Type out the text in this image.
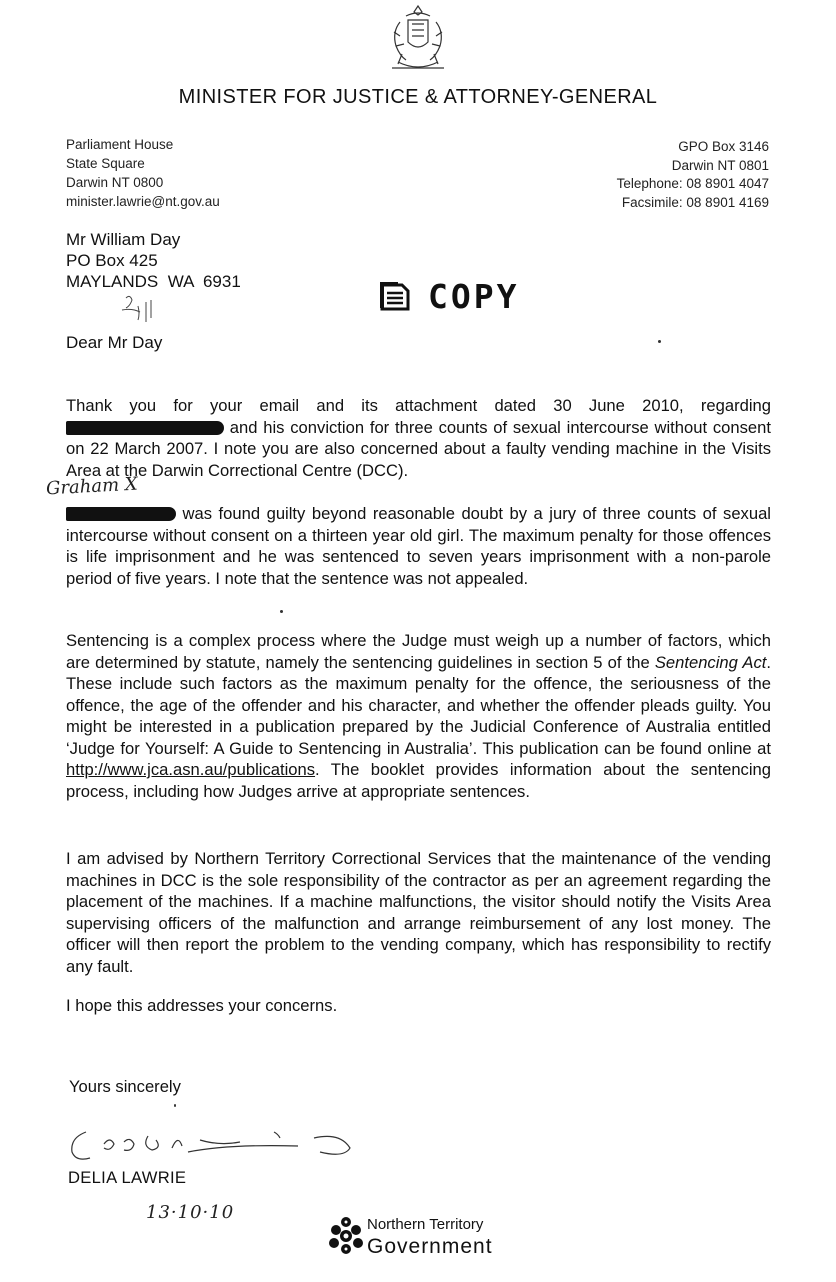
MINISTER FOR JUSTICE & ATTORNEY-GENERAL
Parliament House
State Square
Darwin NT 0800
minister.lawrie@nt.gov.au
GPO Box 3146
Darwin NT 0801
Telephone: 08 8901 4047
Facsimile: 08 8901 4169
Mr William Day
PO Box 425
MAYLANDS  WA  6931	COPY
Dear Mr Day
Thank you for your email and its attachment dated 30 June 2010, regarding  and his conviction for three counts of sexual intercourse without consent on 22 March 2007. I note you are also concerned about a faulty vending machine in the Visits Area at the Darwin Correctional Centre (DCC).
Graham X
was found guilty beyond reasonable doubt by a jury of three counts of sexual intercourse without consent on a thirteen year old girl. The maximum penalty for those offences is life imprisonment and he was sentenced to seven years imprisonment with a non-parole period of five years. I note that the sentence was not appealed.
Sentencing is a complex process where the Judge must weigh up a number of factors, which are determined by statute, namely the sentencing guidelines in section 5 of the Sentencing Act. These include such factors as the maximum penalty for the offence, the seriousness of the offence, the age of the offender and his character, and whether the offender pleads guilty. You might be interested in a publication prepared by the Judicial Conference of Australia entitled ‘Judge for Yourself: A Guide to Sentencing in Australia’. This publication can be found online at http://www.jca.asn.au/publications. The booklet provides information about the sentencing process, including how Judges arrive at appropriate sentences.
I am advised by Northern Territory Correctional Services that the maintenance of the vending machines in DCC is the sole responsibility of the contractor as per an agreement regarding the placement of the machines. If a machine malfunctions, the visitor should notify the Visits Area supervising officers of the malfunction and arrange reimbursement of any lost money. The officer will then report the problem to the vending company, which has responsibility to rectify any fault.
I hope this addresses your concerns.
Yours sincerely
DELIA LAWRIE
13·10·10
Northern Territory
Government
